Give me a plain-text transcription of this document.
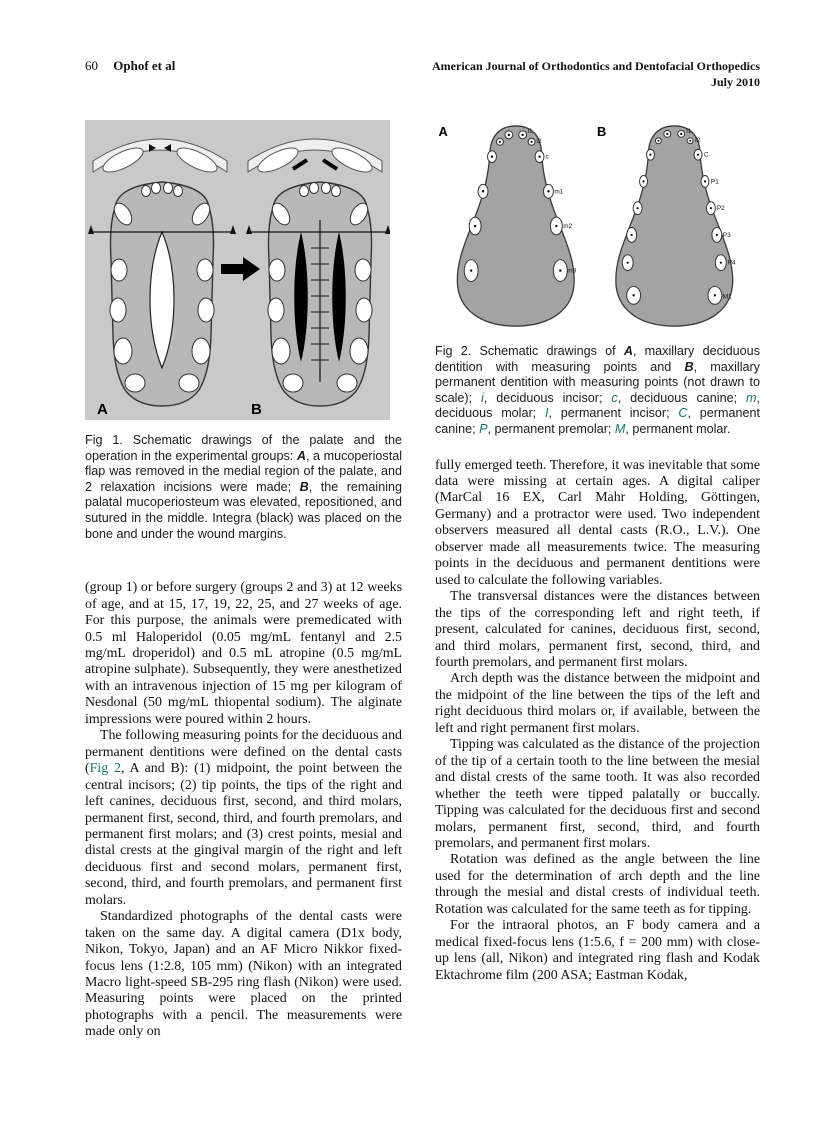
60 Ophof et al	American Journal of Orthodontics and Dentofacial Orthopedics
July 2010
A	B
Fig 1. Schematic drawings of the palate and the operation in the experimental groups: A, a mucoperiostal flap was removed in the medial region of the palate, and 2 relaxation incisions were made; B, the remaining palatal mucoperiosteum was elevated, repositioned, and sutured in the middle. Integra (black) was placed on the bone and under the wound margins.

(group 1) or before surgery (groups 2 and 3) at 12 weeks of age, and at 15, 17, 19, 22, 25, and 27 weeks of age. For this purpose, the animals were premedicated with 0.5 ml Haloperidol (0.05 mg/mL fentanyl and 2.5 mg/mL droperidol) and 0.5 mL atropine (0.5 mg/mL atropine sulphate). Subsequently, they were anesthetized with an intravenous injection of 15 mg per kilogram of Nesdonal (50 mg/mL thiopental sodium). The alginate impressions were poured within 2 hours.

The following measuring points for the deciduous and permanent dentitions were defined on the dental casts (Fig 2, A and B): (1) midpoint, the point between the central incisors; (2) tip points, the tips of the right and left canines, deciduous first, second, and third molars, permanent first, second, third, and fourth premolars, and permanent first molars; and (3) crest points, mesial and distal crests at the gingival margin of the right and left deciduous first and second molars, permanent first, second, third, and fourth premolars, and permanent first molars.

Standardized photographs of the dental casts were taken on the same day. A digital camera (D1x body, Nikon, Tokyo, Japan) and an AF Micro Nikkor fixed-focus lens (1:2.8, 105 mm) (Nikon) with an integrated Macro light-speed SB-295 ring flash (Nikon) were used. Measuring points were placed on the printed photographs with a pencil. The measurements were made only on

i1
i2
c
m1
m2
m3
I1
I2
C
P1
P2
P3
P4
M1
A	B
Fig 2. Schematic drawings of A, maxillary deciduous dentition with measuring points and B, maxillary permanent dentition with measuring points (not drawn to scale); i, deciduous incisor; c, deciduous canine; m, deciduous molar; I, permanent incisor; C, permanent canine; P, permanent premolar; M, permanent molar.

fully emerged teeth. Therefore, it was inevitable that some data were missing at certain ages. A digital caliper (MarCal 16 EX, Carl Mahr Holding, Göttingen, Germany) and a protractor were used. Two independent observers measured all dental casts (R.O., L.V.). One observer made all measurements twice. The measuring points in the deciduous and permanent dentitions were used to calculate the following variables.

The transversal distances were the distances between the tips of the corresponding left and right teeth, if present, calculated for canines, deciduous first, second, and third molars, permanent first, second, third, and fourth premolars, and permanent first molars.

Arch depth was the distance between the midpoint and the midpoint of the line between the tips of the left and right deciduous third molars or, if available, between the left and right permanent first molars.

Tipping was calculated as the distance of the projection of the tip of a certain tooth to the line between the mesial and distal crests of the same tooth. It was also recorded whether the teeth were tipped palatally or buccally. Tipping was calculated for the deciduous first and second molars, permanent first, second, third, and fourth premolars, and permanent first molars.

Rotation was defined as the angle between the line used for the determination of arch depth and the line through the mesial and distal crests of individual teeth. Rotation was calculated for the same teeth as for tipping.

For the intraoral photos, an F body camera and a medical fixed-focus lens (1:5.6, f = 200 mm) with close-up lens (all, Nikon) and integrated ring flash and Kodak Ektachrome film (200 ASA; Eastman Kodak,
